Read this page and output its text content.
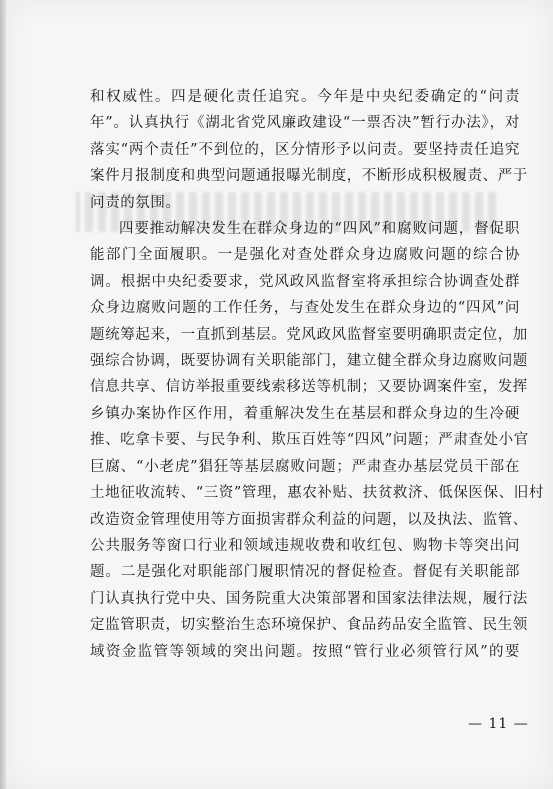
和权威性。四是硬化责任追究。今年是中央纪委确定的“问责
年”。认真执行《湖北省党风廉政建设“一票否决”暂行办法》，对
落实“两个责任”不到位的，区分情形予以问责。要坚持责任追究
案件月报制度和典型问题通报曝光制度，不断形成积极履责、严于
问责的氛围。
四要推动解决发生在群众身边的“四风”和腐败问题，督促职
能部门全面履职。一是强化对查处群众身边腐败问题的综合协
调。根据中央纪委要求，党风政风监督室将承担综合协调查处群
众身边腐败问题的工作任务，与查处发生在群众身边的“四风”问
题统筹起来，一直抓到基层。党风政风监督室要明确职责定位，加
强综合协调，既要协调有关职能部门，建立健全群众身边腐败问题
信息共享、信访举报重要线索移送等机制；又要协调案件室，发挥
乡镇办案协作区作用，着重解决发生在基层和群众身边的生冷硬
推、吃拿卡要、与民争利、欺压百姓等“四风”问题；严肃查处小官
巨腐、“小老虎”猖狂等基层腐败问题；严肃查办基层党员干部在
土地征收流转、“三资”管理，惠农补贴、扶贫救济、低保医保、旧村
改造资金管理使用等方面损害群众利益的问题，以及执法、监管、
公共服务等窗口行业和领域违规收费和收红包、购物卡等突出问
题。二是强化对职能部门履职情况的督促检查。督促有关职能部
门认真执行党中央、国务院重大决策部署和国家法律法规，履行法
定监管职责，切实整治生态环境保护、食品药品安全监管、民生领
域资金监管等领域的突出问题。按照“管行业必须管行风”的要
— 11 —
